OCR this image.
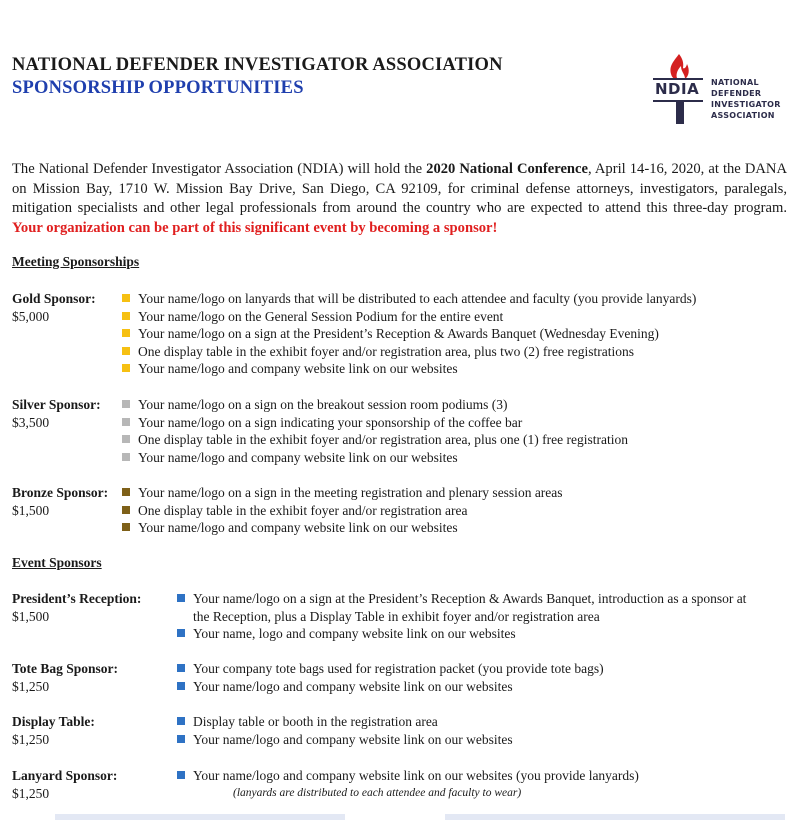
NATIONAL DEFENDER INVESTIGATOR ASSOCIATION
SPONSORSHIP OPPORTUNITIES	NDIA NATIONAL
DEFENDER
INVESTIGATOR
ASSOCIATION
The National Defender Investigator Association (NDIA) will hold the 2020 National Conference, April 14-16, 2020, at the DANA on Mission Bay, 1710 W. Mission Bay Drive, San Diego, CA 92109, for criminal defense attorneys, investigators, paralegals, mitigation specialists and other legal professionals from around the country who are expected to attend this three-day program. Your organization can be part of this significant event by becoming a sponsor!
Meeting Sponsorships
Gold Sponsor:
$5,000
Your name/logo on lanyards that will be distributed to each attendee and faculty (you provide lanyards)
Your name/logo on the General Session Podium for the entire event
Your name/logo on a sign at the President’s Reception & Awards Banquet (Wednesday Evening)
One display table in the exhibit foyer and/or registration area, plus two (2) free registrations
Your name/logo and company website link on our websites
Silver Sponsor:
$3,500
Your name/logo on a sign on the breakout session room podiums (3)
Your name/logo on a sign indicating your sponsorship of the coffee bar
One display table in the exhibit foyer and/or registration area, plus one (1) free registration
Your name/logo and company website link on our websites
Bronze Sponsor:
$1,500
Your name/logo on a sign in the meeting registration and plenary session areas
One display table in the exhibit foyer and/or registration area
Your name/logo and company website link on our websites
Event Sponsors
President’s Reception:
$1,500
Your name/logo on a sign at the President’s Reception & Awards Banquet, introduction as a sponsor at the Reception, plus a Display Table in exhibit foyer and/or registration area
Your name, logo and company website link on our websites
Tote Bag Sponsor:
$1,250
Your company tote bags used for registration packet (you provide tote bags)
Your name/logo and company website link on our websites
Display Table:
$1,250
Display table or booth in the registration area
Your name/logo and company website link on our websites
Lanyard Sponsor:
$1,250
Your name/logo and company website link on our websites (you provide lanyards)
(lanyards are distributed to each attendee and faculty to wear)
